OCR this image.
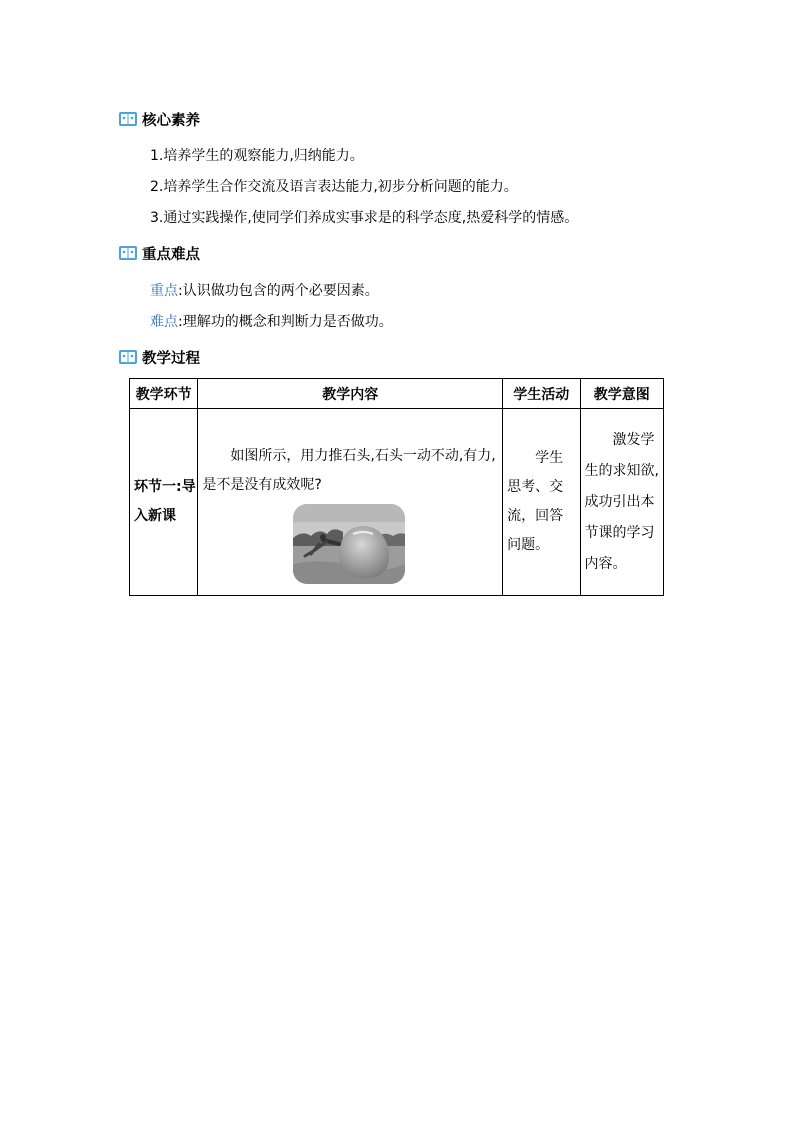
核心素养
1.培养学生的观察能力,归纳能力。
2.培养学生合作交流及语言表达能力,初步分析问题的能力。
3.通过实践操作,使同学们养成实事求是的科学态度,热爱科学的情感。
重点难点
重点:认识做功包含的两个必要因素。
难点:理解功的概念和判断力是否做功。
教学过程
教学环节	教学内容	学生活动	教学意图
环节一:导入新课	如图所示，用力推石头,石头一动不动,有力,是不是没有成效呢?	学生思考、交流，回答问题。	激发学生的求知欲,成功引出本节课的学习内容。
